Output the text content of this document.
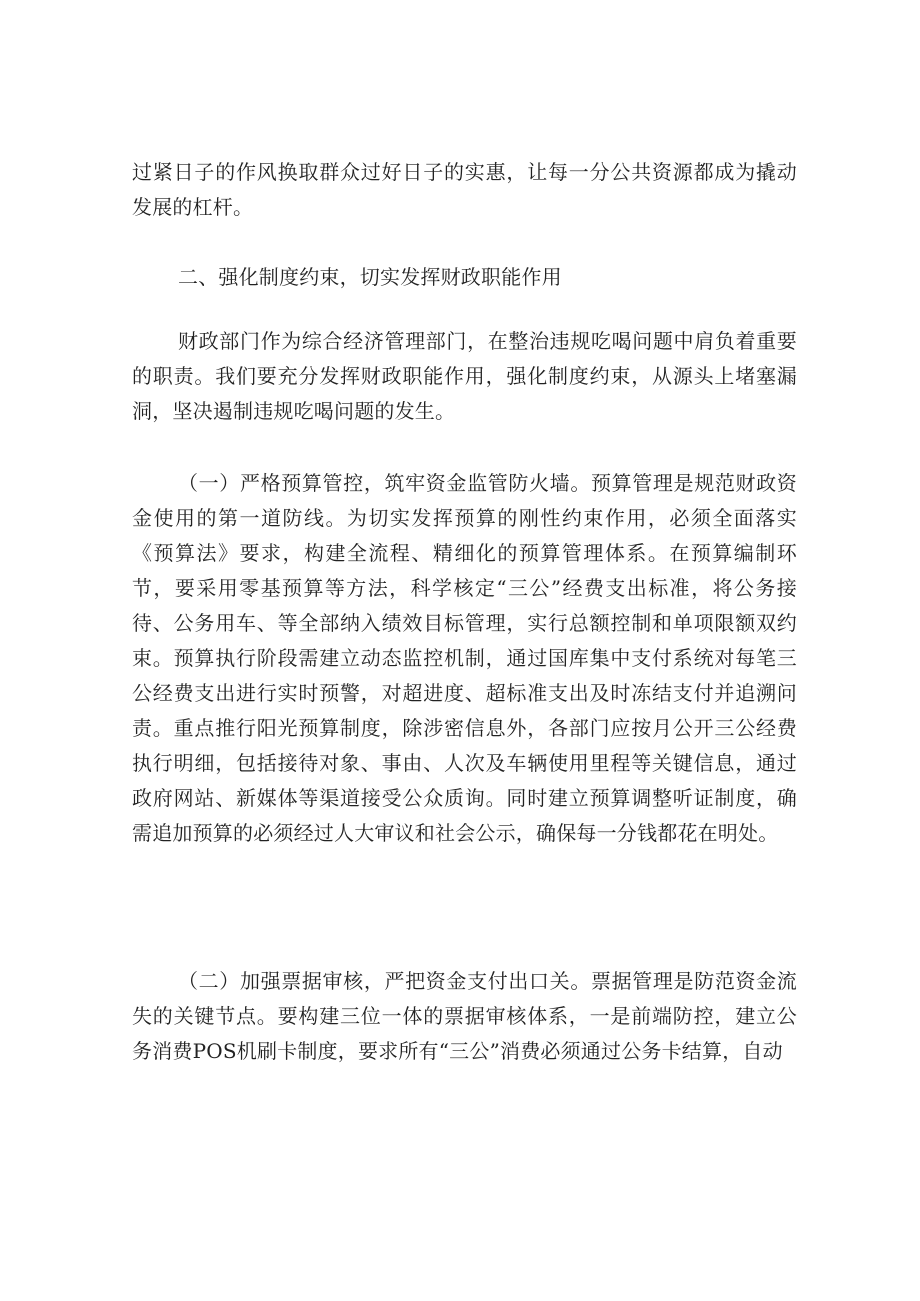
过紧日子的作风换取群众过好日子的实惠，让每一分公共资源都成为撬动发展的杠杆。

二、强化制度约束，切实发挥财政职能作用

财政部门作为综合经济管理部门，在整治违规吃喝问题中肩负着重要的职责。我们要充分发挥财政职能作用，强化制度约束，从源头上堵塞漏洞，坚决遏制违规吃喝问题的发生。

（一）严格预算管控，筑牢资金监管防火墙。预算管理是规范财政资金使用的第一道防线。为切实发挥预算的刚性约束作用，必须全面落实《预算法》要求，构建全流程、精细化的预算管理体系。在预算编制环节，要采用零基预算等方法，科学核定“三公”经费支出标准，将公务接待、公务用车、等全部纳入绩效目标管理，实行总额控制和单项限额双约束。预算执行阶段需建立动态监控机制，通过国库集中支付系统对每笔三公经费支出进行实时预警，对超进度、超标准支出及时冻结支付并追溯问责。重点推行阳光预算制度，除涉密信息外，各部门应按月公开三公经费执行明细，包括接待对象、事由、人次及车辆使用里程等关键信息，通过政府网站、新媒体等渠道接受公众质询。同时建立预算调整听证制度，确需追加预算的必须经过人大审议和社会公示，确保每一分钱都花在明处。

（二）加强票据审核，严把资金支付出口关。票据管理是防范资金流失的关键节点。要构建三位一体的票据审核体系，一是前端防控，建立公务消费POS机刷卡制度，要求所有“三公”消费必须通过公务卡结算，自动
